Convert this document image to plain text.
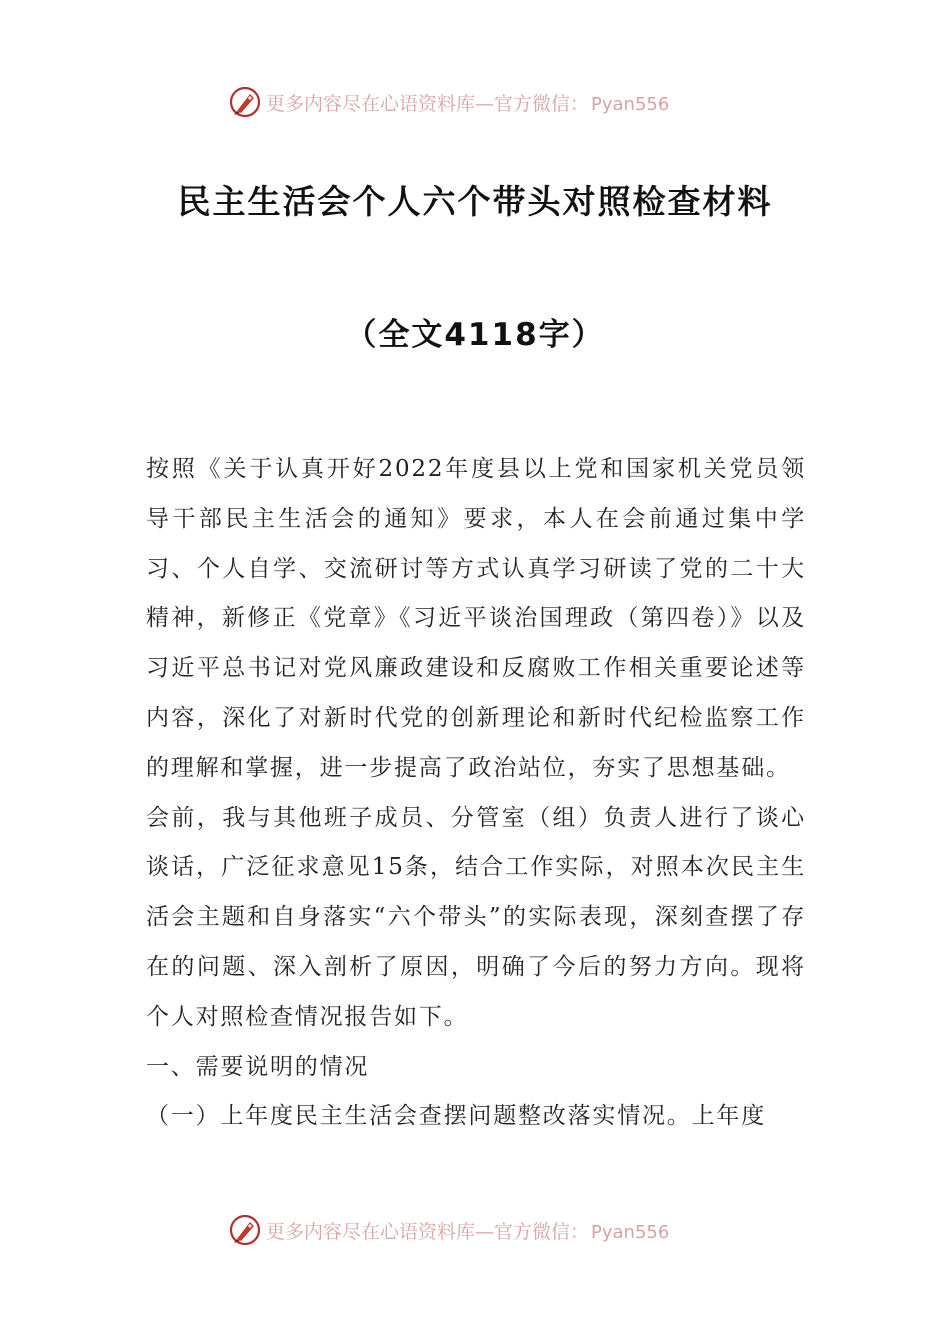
更多内容尽在心语资料库—官方微信： Pyan556
民主生活会个人六个带头对照检查材料
（全文4118字）

按照《关于认真开好2022年度县以上党和国家机关党员领导干部民主生活会的通知》要求，本人在会前通过集中学习、个人自学、交流研讨等方式认真学习研读了党的二十大精神，新修正《党章》《习近平谈治国理政（第四卷）》以及习近平总书记对党风廉政建设和反腐败工作相关重要论述等内容，深化了对新时代党的创新理论和新时代纪检监察工作的理解和掌握，进一步提高了政治站位，夯实了思想基础。

会前，我与其他班子成员、分管室（组）负责人进行了谈心谈话，广泛征求意见15条，结合工作实际，对照本次民主生活会主题和自身落实“六个带头”的实际表现，深刻查摆了存在的问题、深入剖析了原因，明确了今后的努力方向。现将个人对照检查情况报告如下。

一、需要说明的情况

（一）上年度民主生活会查摆问题整改落实情况。上年度

更多内容尽在心语资料库—官方微信： Pyan556
